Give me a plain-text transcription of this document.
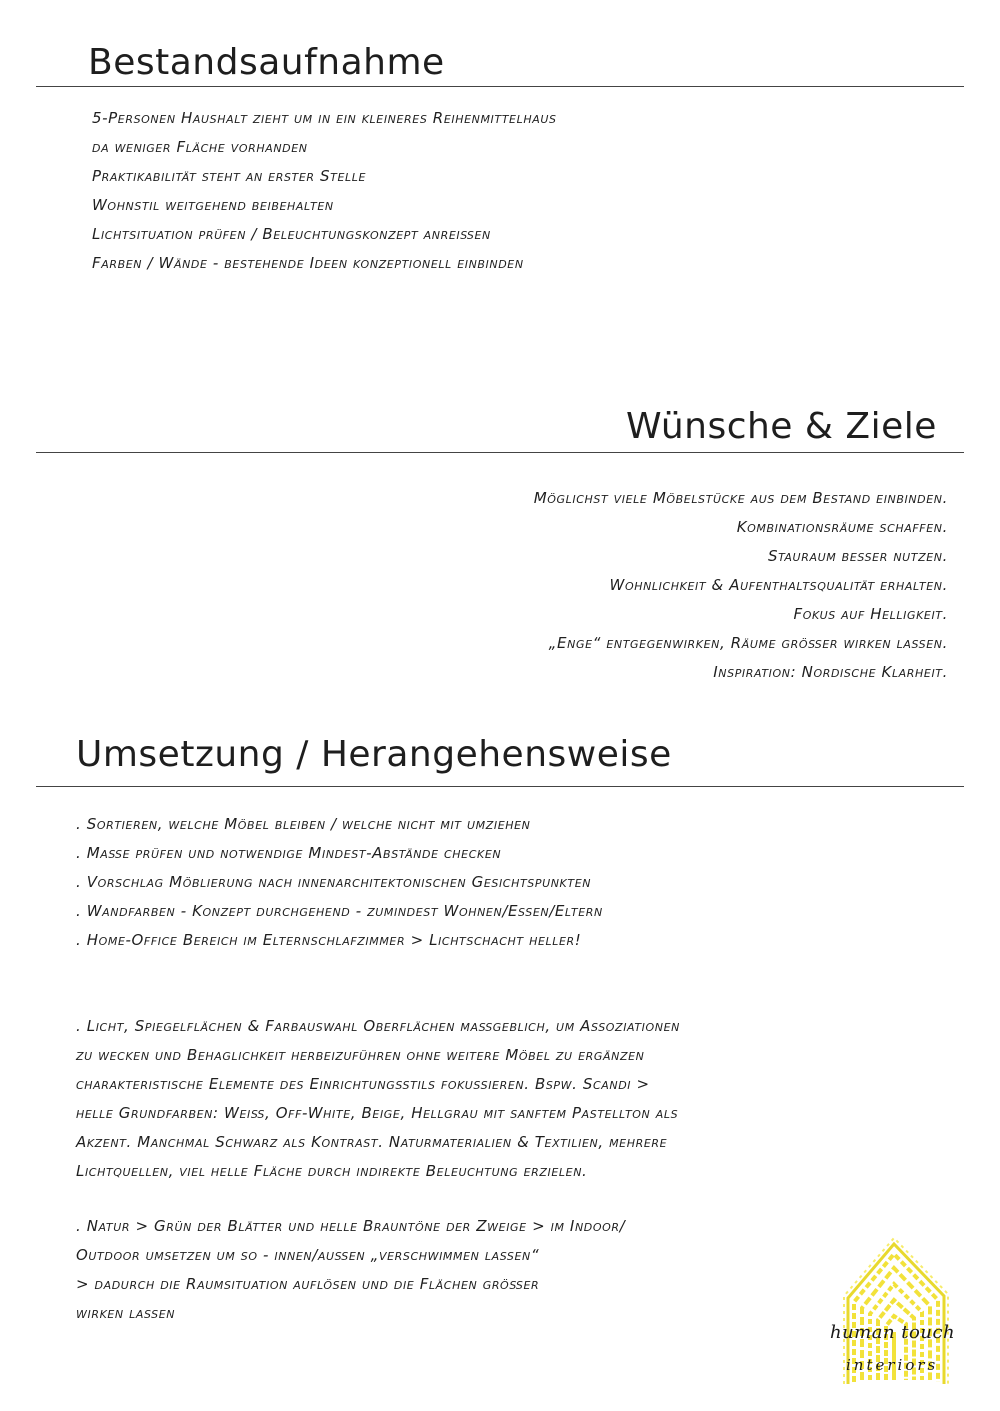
Bestandsaufnahme
5-Personen Haushalt zieht um in ein kleineres Reihenmittelhaus
da weniger Fläche vorhanden
Praktikabilität steht an erster Stelle
Wohnstil weitgehend beibehalten
Lichtsituation prüfen / Beleuchtungskonzept anreißen
Farben / Wände - bestehende Ideen konzeptionell einbinden
Wünsche & Ziele
Möglichst viele Möbelstücke aus dem Bestand einbinden.
Kombinationsräume schaffen.
Stauraum besser nutzen.
Wohnlichkeit & Aufenthaltsqualität erhalten.
Fokus auf Helligkeit.
„Enge“ entgegenwirken, Räume größer wirken lassen.
Inspiration: Nordische Klarheit.
Umsetzung / Herangehensweise
. Sortieren, welche Möbel bleiben / welche nicht mit umziehen
. Maße prüfen und notwendige Mindest-Abstände checken
. Vorschlag Möblierung nach innenarchitektonischen Gesichtspunkten
. Wandfarben - Konzept durchgehend - zumindest Wohnen/Essen/Eltern
. Home-Office Bereich im Elternschlafzimmer > Lichtschacht heller!
. Licht, Spiegelflächen & Farbauswahl Oberflächen maßgeblich, um Assoziationen
zu wecken und Behaglichkeit herbeizuführen ohne weitere Möbel zu ergänzen
charakteristische Elemente des Einrichtungsstils fokussieren. Bspw. Scandi >
helle Grundfarben: Weiß, Off-White, Beige, Hellgrau mit sanftem Pastellton als
Akzent. Manchmal Schwarz als Kontrast. Naturmaterialien & Textilien, mehrere
Lichtquellen, viel helle Fläche durch indirekte Beleuchtung erzielen.
. Natur > Grün der Blätter und helle Brauntöne der Zweige > im Indoor/
Outdoor umsetzen um so - innen/außen „verschwimmen lassen“
> dadurch die Raumsituation auflösen und die Flächen größer
wirken lassen
human touch
interiors
